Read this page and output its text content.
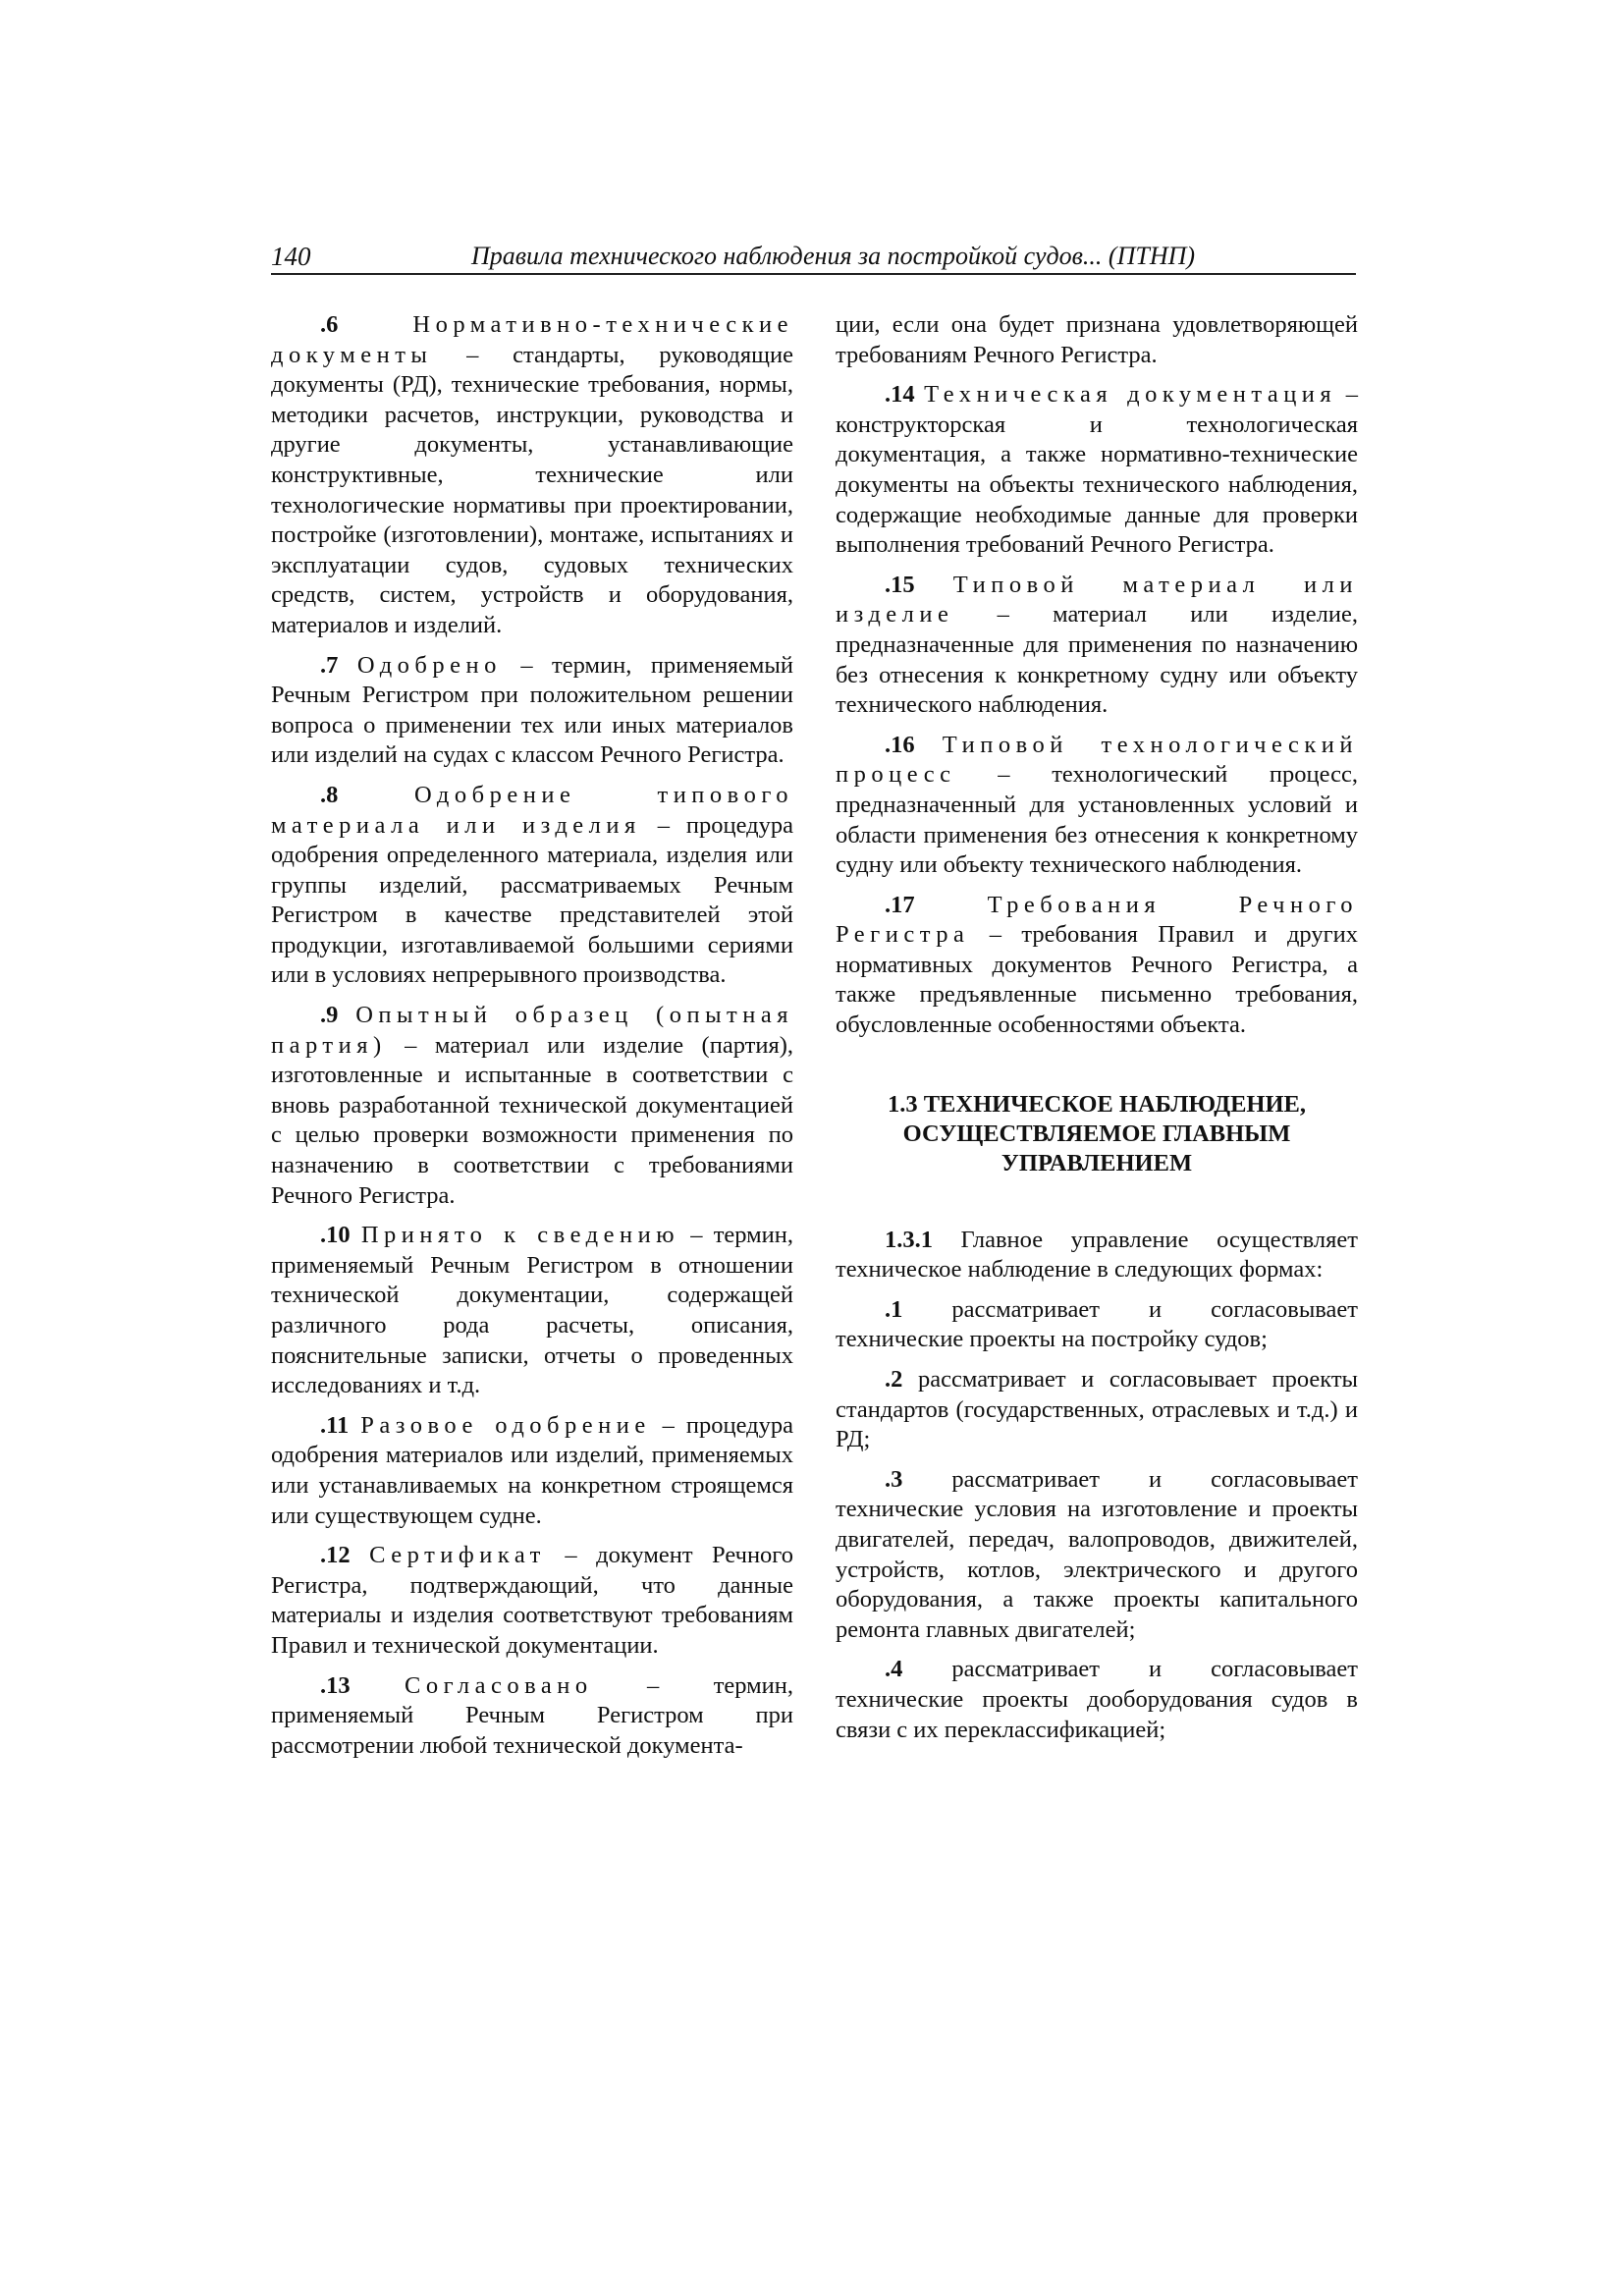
140	Правила технического наблюдения за постройкой судов... (ПТНП)

.6	Нормативно-технические документы – стандарты, руководящие документы (РД), технические требования, нормы, методики расчетов, инструкции, руководства и другие документы, устанавливающие конструктивные, технические или технологические нормативы при проектировании, постройке (изготовлении), монтаже, испытаниях и эксплуатации судов, судовых технических средств, систем, устройств и оборудования, материалов и изделий.

.7 Одобрено – термин, применяемый Речным Регистром при положительном решении вопроса о применении тех или иных материалов или изделий на судах с классом Речного Регистра.

.8	Одобрение типового материала или изделия – процедура одобрения определенного материала, изделия или группы изделий, рассматриваемых Речным Регистром в качестве представителей этой продукции, изготавливаемой большими сериями или в условиях непрерывного производства.

.9 Опытный образец (опытная партия) – материал или изделие (партия), изготовленные и испытанные в соответствии с вновь разработанной технической документацией с целью проверки возможности применения по назначению в соответствии с требованиями Речного Регистра.

.10 Принято к сведению – термин, применяемый Речным Регистром в отношении технической документации, содержащей различного рода расчеты, описания, пояснительные записки, отчеты о проведенных исследованиях и т.д.

.11 Разовое одобрение – процедура одобрения материалов или изделий, применяемых или устанавливаемых на конкретном строящемся или существующем судне.

.12 Сертификат – документ Речного Регистра, подтверждающий, что данные материалы и изделия соответствуют требованиям Правил и технической документации.

.13 Согласовано – термин, применяемый Речным Регистром при рассмотрении любой технической документа-

ции, если она будет признана удовлетворяющей требованиям Речного Регистра.

.14 Техническая документация – конструкторская и технологическая документация, а также нормативно-технические документы на объекты технического наблюдения, содержащие необходимые данные для проверки выполнения требований Речного Регистра.

.15 Типовой материал или изделие – материал или изделие, предназначенные для применения по назначению без отнесения к конкретному судну или объекту технического наблюдения.

.16 Типовой технологический процесс – технологический процесс, предназначенный для установленных условий и области применения без отнесения к конкретному судну или объекту технического наблюдения.

.17	Требования Речного Регистра – требования Правил и других нормативных документов Речного Регистра, а также предъявленные письменно требования, обусловленные особенностями объекта.

1.3 ТЕХНИЧЕСКОЕ НАБЛЮДЕНИЕ, ОСУЩЕСТВЛЯЕМОЕ ГЛАВНЫМ УПРАВЛЕНИЕМ

1.3.1 Главное управление осуществляет техническое наблюдение в следующих формах:

.1 рассматривает и согласовывает технические проекты на постройку судов;

.2 рассматривает и согласовывает проекты стандартов (государственных, отраслевых и т.д.) и РД;

.3 рассматривает и согласовывает технические условия на изготовление и проекты двигателей, передач, валопроводов, движителей, устройств, котлов, электрического и другого оборудования, а также проекты капитального ремонта главных двигателей;

.4 рассматривает и согласовывает технические проекты дооборудования судов в связи с их переклассификацией;
